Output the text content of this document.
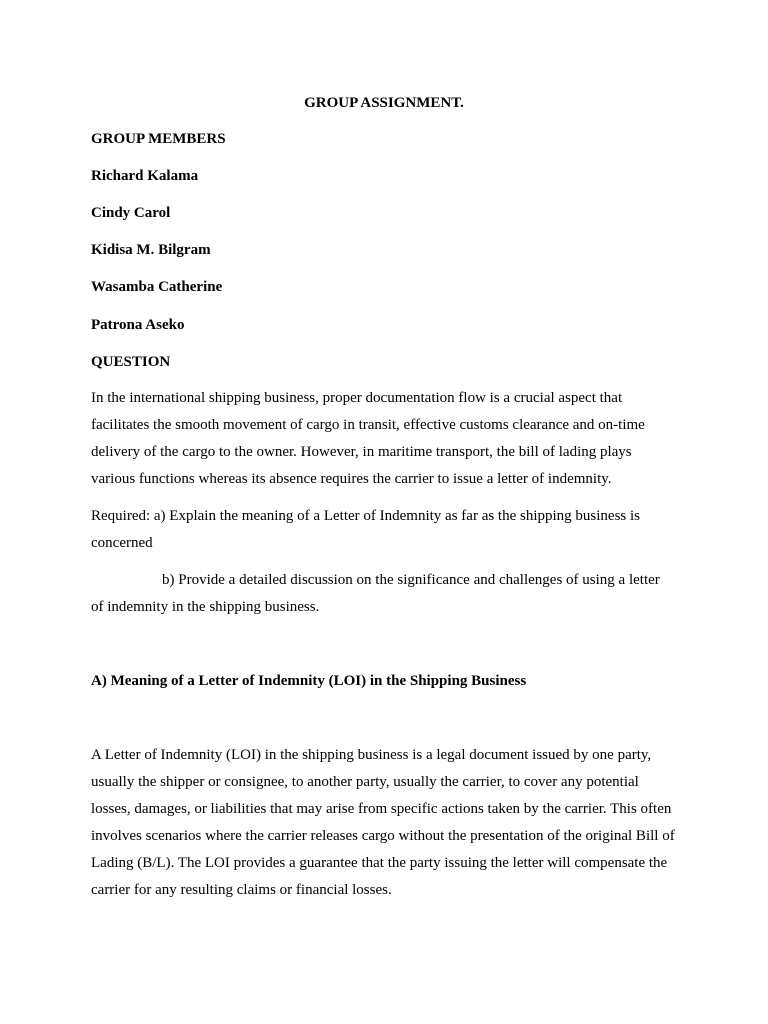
GROUP ASSIGNMENT.
GROUP MEMBERS
Richard Kalama
Cindy Carol
Kidisa M. Bilgram
Wasamba Catherine
Patrona Aseko
QUESTION
In the international shipping business, proper documentation flow is a crucial aspect that
facilitates the smooth movement of cargo in transit, effective customs clearance and on-time
delivery of the cargo to the owner. However, in maritime transport, the bill of lading plays
various functions whereas its absence requires the carrier to issue a letter of indemnity.
Required: a) Explain the meaning of a Letter of Indemnity as far as the shipping business is
concerned
b) Provide a detailed discussion on the significance and challenges of using a letter
of indemnity in the shipping business.
A) Meaning of a Letter of Indemnity (LOI) in the Shipping Business
A Letter of Indemnity (LOI) in the shipping business is a legal document issued by one party,
usually the shipper or consignee, to another party, usually the carrier, to cover any potential
losses, damages, or liabilities that may arise from specific actions taken by the carrier. This often
involves scenarios where the carrier releases cargo without the presentation of the original Bill of
Lading (B/L). The LOI provides a guarantee that the party issuing the letter will compensate the
carrier for any resulting claims or financial losses.
